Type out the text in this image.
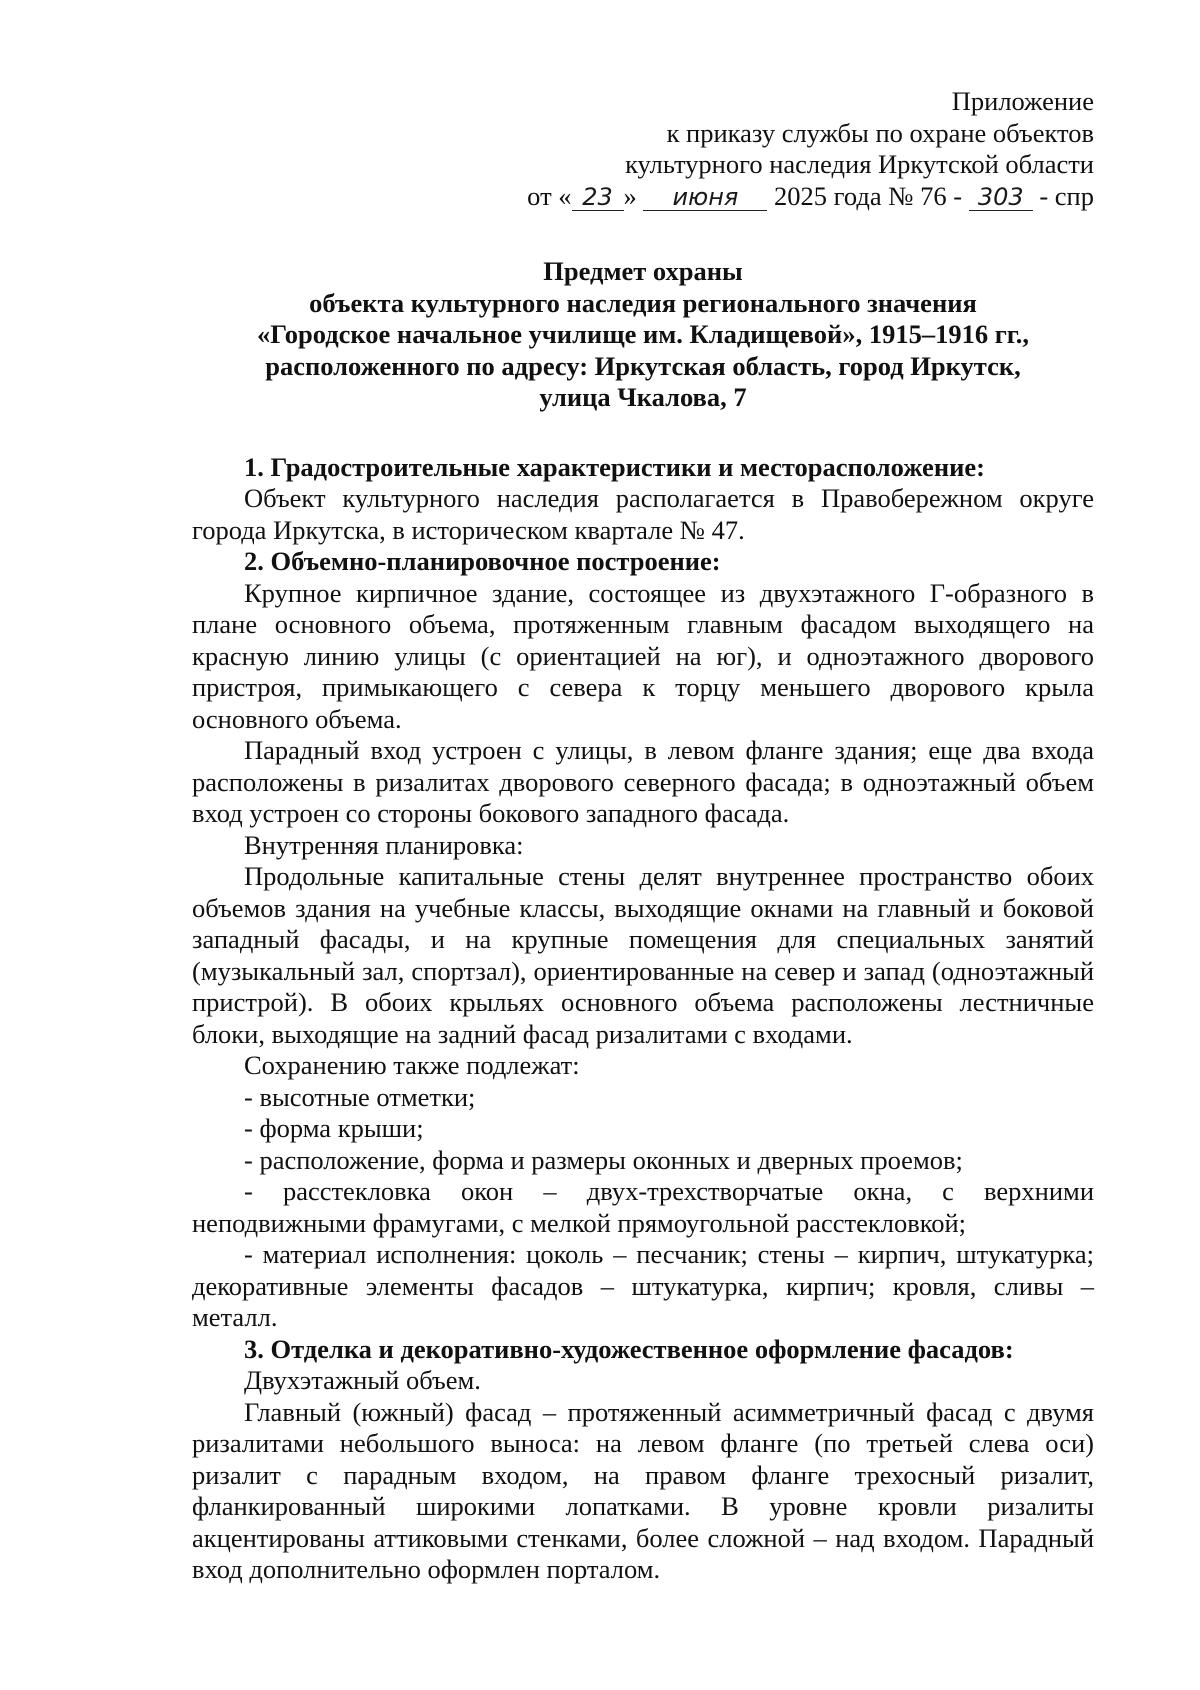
Приложение
к приказу службы по охране объектов
культурного наследия Иркутской области
от « 23 » июня 2025 года № 76 - 303 - спр
Предмет охраны
объекта культурного наследия регионального значения
«Городское начальное училище им. Кладищевой», 1915–1916 гг.,
расположенного по адресу: Иркутская область, город Иркутск,
улица Чкалова, 7

1. Градостроительные характеристики и месторасположение:

Объект культурного наследия располагается в Правобережном округе города Иркутска, в историческом квартале № 47.

2. Объемно-планировочное построение:

Крупное кирпичное здание, состоящее из двухэтажного Г-образного в плане основного объема, протяженным главным фасадом выходящего на красную линию улицы (с ориентацией на юг), и одноэтажного дворового пристроя, примыкающего с севера к торцу меньшего дворового крыла основного объема.

Парадный вход устроен с улицы, в левом фланге здания; еще два входа расположены в ризалитах дворового северного фасада; в одноэтажный объем вход устроен со стороны бокового западного фасада.

Внутренняя планировка:

Продольные капитальные стены делят внутреннее пространство обоих объемов здания на учебные классы, выходящие окнами на главный и боковой западный фасады, и на крупные помещения для специальных занятий (музыкальный зал, спортзал), ориентированные на север и запад (одноэтажный пристрой). В обоих крыльях основного объема расположены лестничные блоки, выходящие на задний фасад ризалитами с входами.

Сохранению также подлежат:

- высотные отметки;

- форма крыши;

- расположение, форма и размеры оконных и дверных проемов;

- расстекловка окон – двух-трехстворчатые окна, с верхними неподвижными фрамугами, с мелкой прямоугольной расстекловкой;

- материал исполнения: цоколь – песчаник; стены – кирпич, штукатурка; декоративные элементы фасадов – штукатурка, кирпич; кровля, сливы – металл.

3. Отделка и декоративно-художественное оформление фасадов:

Двухэтажный объем.

Главный (южный) фасад – протяженный асимметричный фасад с двумя ризалитами небольшого выноса: на левом фланге (по третьей слева оси) ризалит с парадным входом, на правом фланге трехосный ризалит, фланкированный широкими лопатками. В уровне кровли ризалиты акцентированы аттиковыми стенками, более сложной – над входом. Парадный вход дополнительно оформлен порталом.
